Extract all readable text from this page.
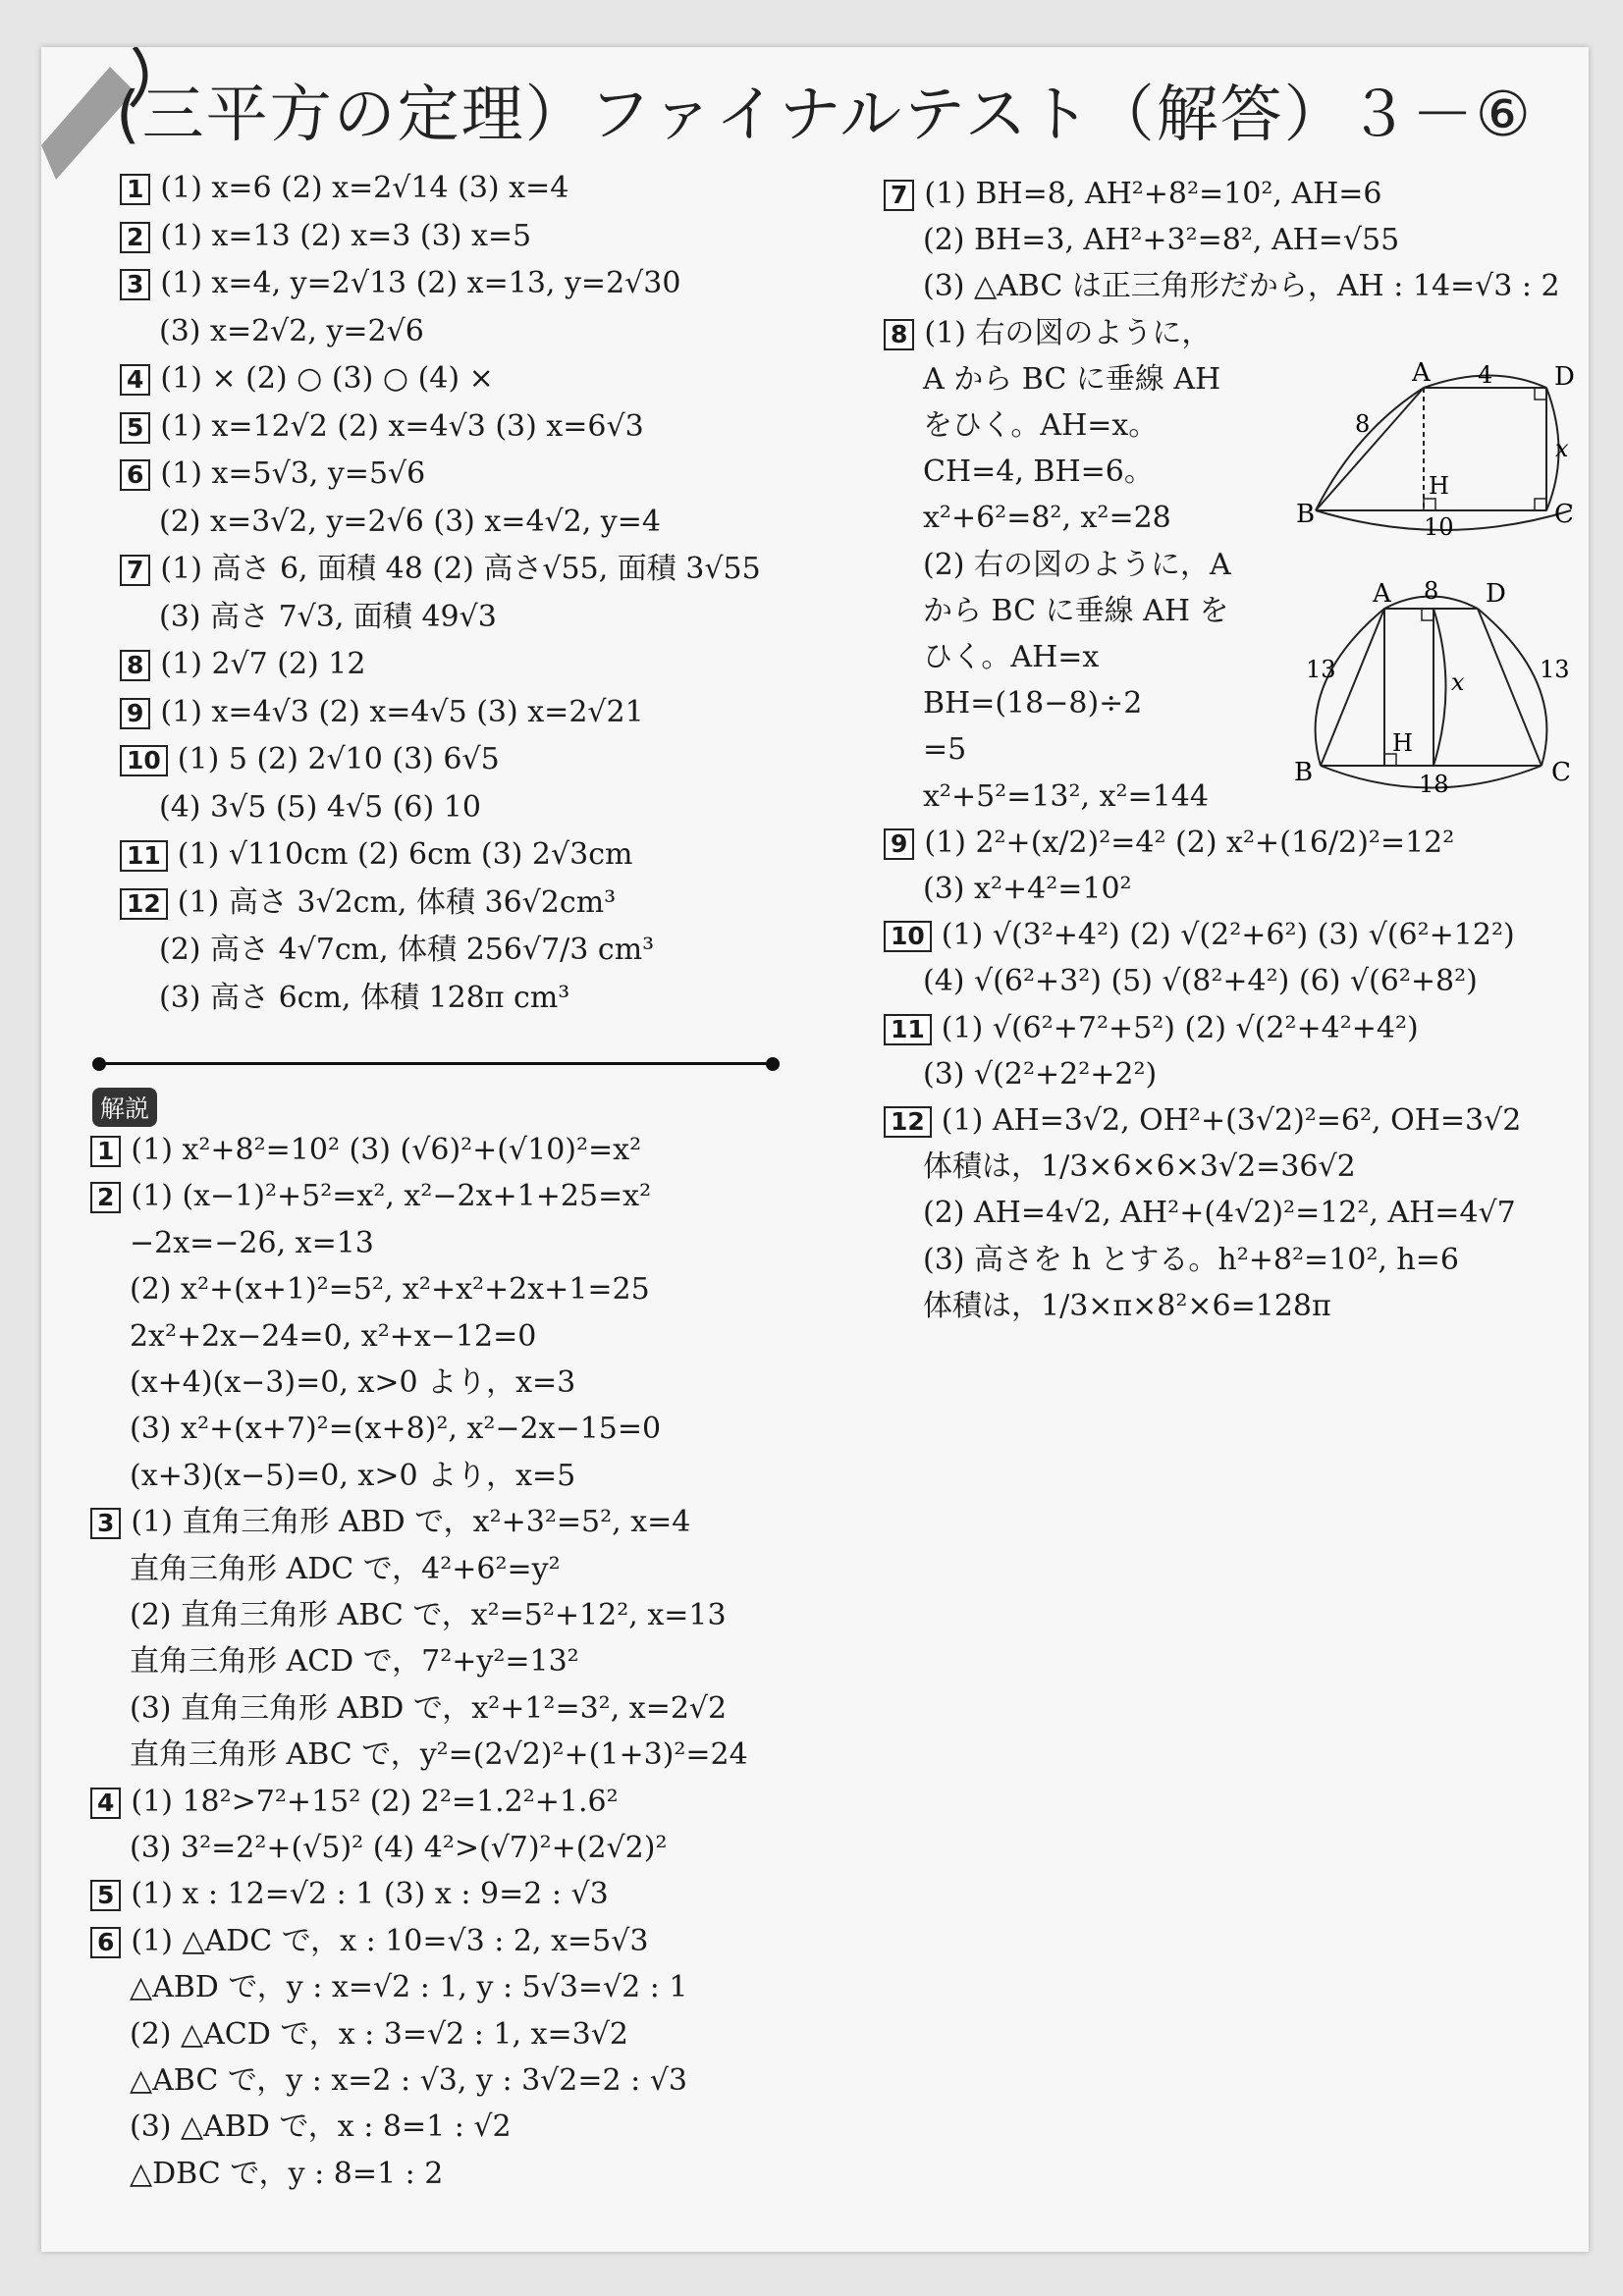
(三平方の定理）ファイナルテスト（解答）３－⑥
1 (1) x=6 (2) x=2√14 (3) x=4
2 (1) x=13 (2) x=3 (3) x=5
3 (1) x=4, y=2√13 (2) x=13, y=2√30
(3) x=2√2, y=2√6
4 (1) × (2) ○ (3) ○ (4) ×
5 (1) x=12√2 (2) x=4√3 (3) x=6√3
6 (1) x=5√3, y=5√6
(2) x=3√2, y=2√6 (3) x=4√2, y=4
7 (1) 高さ 6, 面積 48 (2) 高さ√55, 面積 3√55
(3) 高さ 7√3, 面積 49√3
8 (1) 2√7 (2) 12
9 (1) x=4√3 (2) x=4√5 (3) x=2√21
10 (1) 5 (2) 2√10 (3) 6√5
(4) 3√5 (5) 4√5 (6) 10
11 (1) √110cm (2) 6cm (3) 2√3cm
12 (1) 高さ 3√2cm, 体積 36√2cm³
(2) 高さ 4√7cm, 体積 256√7/3 cm³
(3) 高さ 6cm, 体積 128π cm³
解説
1 (1) x²+8²=10² (3) (√6)²+(√10)²=x²
2 (1) (x−1)²+5²=x², x²−2x+1+25=x²
−2x=−26, x=13
(2) x²+(x+1)²=5², x²+x²+2x+1=25
2x²+2x−24=0, x²+x−12=0
(x+4)(x−3)=0, x>0 より，x=3
(3) x²+(x+7)²=(x+8)², x²−2x−15=0
(x+3)(x−5)=0, x>0 より，x=5
3 (1) 直角三角形 ABD で，x²+3²=5², x=4
直角三角形 ADC で，4²+6²=y²
(2) 直角三角形 ABC で，x²=5²+12², x=13
直角三角形 ACD で，7²+y²=13²
(3) 直角三角形 ABD で，x²+1²=3², x=2√2
直角三角形 ABC で，y²=(2√2)²+(1+3)²=24
4 (1) 18²>7²+15² (2) 2²=1.2²+1.6²
(3) 3²=2²+(√5)² (4) 4²>(√7)²+(2√2)²
5 (1) x : 12=√2 : 1 (3) x : 9=2 : √3
6 (1) △ADC で，x : 10=√3 : 2, x=5√3
△ABD で，y : x=√2 : 1, y : 5√3=√2 : 1
(2) △ACD で，x : 3=√2 : 1, x=3√2
△ABC で，y : x=2 : √3, y : 3√2=2 : √3
(3) △ABD で，x : 8=1 : √2
△DBC で，y : 8=1 : 2
7 (1) BH=8, AH²+8²=10², AH=6
(2) BH=3, AH²+3²=8², AH=√55
(3) △ABC は正三角形だから，AH : 14=√3 : 2
8 (1) 右の図のように，
A から BC に垂線 AH
をひく。AH=x。
CH=4, BH=6。
x²+6²=8², x²=28
(2) 右の図のように，A
から BC に垂線 AH を
ひく。AH=x
BH=(18−8)÷2
=5
x²+5²=13², x²=144
9 (1) 2²+(x/2)²=4² (2) x²+(16/2)²=12²
(3) x²+4²=10²
10 (1) √(3²+4²) (2) √(2²+6²) (3) √(6²+12²)
(4) √(6²+3²) (5) √(8²+4²) (6) √(6²+8²)
11 (1) √(6²+7²+5²) (2) √(2²+4²+4²)
(3) √(2²+2²+2²)
12 (1) AH=3√2, OH²+(3√2)²=6², OH=3√2
体積は，1/3×6×6×3√2=36√2
(2) AH=4√2, AH²+(4√2)²=12², AH=4√7
(3) 高さを h とする。h²+8²=10², h=6
体積は，1/3×π×8²×6=128π
A	D
B	C
H
4
8
x
10
A	D
B	C
H
8
13	13
x
18
